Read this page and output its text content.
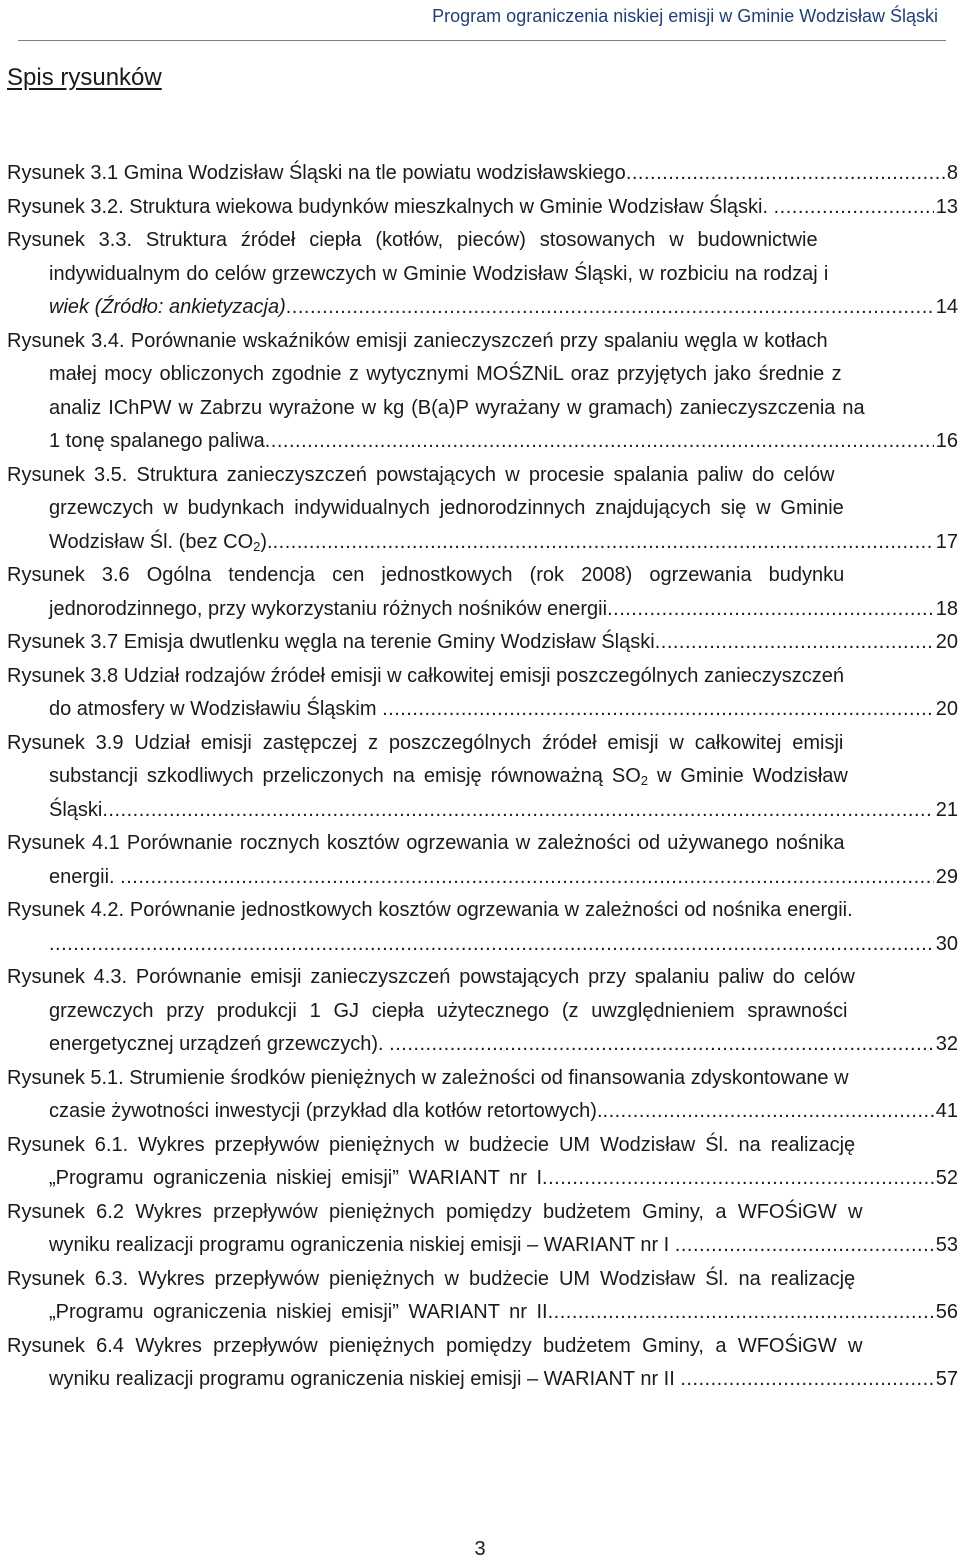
Program ograniczenia niskiej emisji w Gminie Wodzisław Śląski
Spis rysunków
Rysunek 3.1 Gmina Wodzisław Śląski na tle powiatu wodzisławskiego .....	8
Rysunek 3.2. Struktura wiekowa budynków mieszkalnych w Gminie Wodzisław Śląski. .....	13
Rysunek 3.3. Struktura źródeł ciepła (kotłów, pieców) stosowanych w budownictwie
indywidualnym do celów grzewczych w Gminie Wodzisław Śląski, w rozbiciu na rodzaj i
wiek (Źródło: ankietyzacja) .....	14
Rysunek 3.4. Porównanie wskaźników emisji zanieczyszczeń przy spalaniu węgla w kotłach
małej mocy obliczonych zgodnie z wytycznymi MOŚZNiL oraz przyjętych jako średnie z
analiz IChPW w Zabrzu wyrażone w kg (B(a)P wyrażany w gramach) zanieczyszczenia na
1 tonę spalanego paliwa .....	16
Rysunek 3.5. Struktura zanieczyszczeń powstających w procesie spalania paliw do celów
grzewczych w budynkach indywidualnych jednorodzinnych znajdujących się w Gminie
Wodzisław Śl. (bez $CO_2$). .....	17
Rysunek 3.6 Ogólna tendencja cen jednostkowych (rok 2008) ogrzewania budynku
jednorodzinnego, przy wykorzystaniu różnych nośników energii .....	18
Rysunek 3.7 Emisja dwutlenku węgla na terenie Gminy Wodzisław Śląski .....	20
Rysunek 3.8 Udział rodzajów źródeł emisji w całkowitej emisji poszczególnych zanieczyszczeń
do atmosfery w Wodzisławiu Śląskim .....	20
Rysunek 3.9 Udział emisji zastępczej z poszczególnych źródeł emisji w całkowitej emisji
substancji szkodliwych przeliczonych na emisję równoważną $SO_2$ w Gminie Wodzisław
Śląski .....	21
Rysunek 4.1 Porównanie rocznych kosztów ogrzewania w zależności od używanego nośnika
energii. .....	29
Rysunek 4.2. Porównanie jednostkowych kosztów ogrzewania w zależności od nośnika energii.
.....
30
Rysunek 4.3. Porównanie emisji zanieczyszczeń powstających przy spalaniu paliw do celów
grzewczych przy produkcji 1 GJ ciepła użytecznego (z uwzględnieniem sprawności
energetycznej urządzeń grzewczych). .....	32
Rysunek 5.1. Strumienie środków pieniężnych w zależności od finansowania zdyskontowane w
czasie żywotności inwestycji (przykład dla kotłów retortowych). .....	41
Rysunek 6.1. Wykres przepływów pieniężnych w budżecie UM Wodzisław Śl. na realizację
„Programu ograniczenia niskiej emisji” WARIANT nr I .....	52
Rysunek 6.2 Wykres przepływów pieniężnych pomiędzy budżetem Gminy, a WFOŚiGW w
wyniku realizacji programu ograniczenia niskiej emisji – WARIANT nr I .....	53
Rysunek 6.3. Wykres przepływów pieniężnych w budżecie UM Wodzisław Śl. na realizację
„Programu ograniczenia niskiej emisji” WARIANT nr II .....	56
Rysunek 6.4 Wykres przepływów pieniężnych pomiędzy budżetem Gminy, a WFOŚiGW w
wyniku realizacji programu ograniczenia niskiej emisji – WARIANT nr II .....	57
3
